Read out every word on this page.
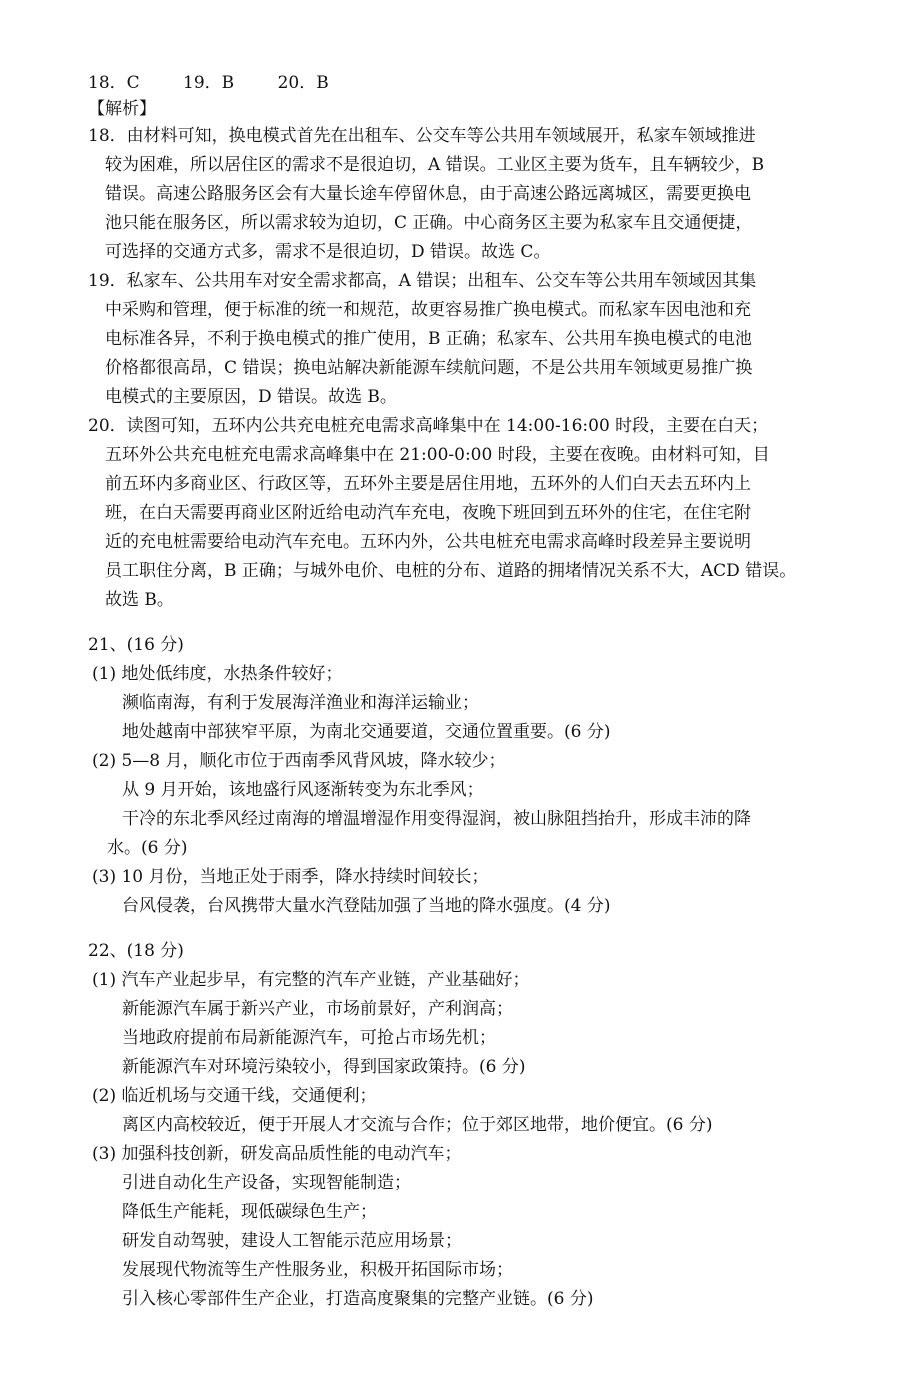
18．C	19．B	20．B
【解析】
18．由材料可知，换电模式首先在出租车、公交车等公共用车领域展开，私家车领域推进
较为困难，所以居住区的需求不是很迫切，A 错误。工业区主要为货车，且车辆较少，B
错误。高速公路服务区会有大量长途车停留休息，由于高速公路远离城区，需要更换电
池只能在服务区，所以需求较为迫切，C 正确。中心商务区主要为私家车且交通便捷，
可选择的交通方式多，需求不是很迫切，D 错误。故选 C。
19．私家车、公共用车对安全需求都高，A 错误；出租车、公交车等公共用车领域因其集
中采购和管理，便于标准的统一和规范，故更容易推广换电模式。而私家车因电池和充
电标准各异，不利于换电模式的推广使用，B 正确；私家车、公共用车换电模式的电池
价格都很高昂，C 错误；换电站解决新能源车续航问题，不是公共用车领域更易推广换
电模式的主要原因，D 错误。故选 B。
20．读图可知，五环内公共充电桩充电需求高峰集中在 14:00-16:00 时段，主要在白天；
五环外公共充电桩充电需求高峰集中在 21:00-0:00 时段，主要在夜晚。由材料可知，目
前五环内多商业区、行政区等，五环外主要是居住用地，五环外的人们白天去五环内上
班，在白天需要再商业区附近给电动汽车充电，夜晚下班回到五环外的住宅，在住宅附
近的充电桩需要给电动汽车充电。五环内外，公共电桩充电需求高峰时段差异主要说明
员工职住分离，B 正确；与城外电价、电桩的分布、道路的拥堵情况关系不大，ACD 错误。
故选 B。
21、(16 分)
(1) 地处低纬度，水热条件较好；
濒临南海，有利于发展海洋渔业和海洋运输业；
地处越南中部狭窄平原，为南北交通要道，交通位置重要。(6 分)
(2) 5—8 月，顺化市位于西南季风背风坡，降水较少；
从 9 月开始，该地盛行风逐渐转变为东北季风；
干冷的东北季风经过南海的增温增湿作用变得湿润，被山脉阻挡抬升，形成丰沛的降
水。(6 分)
(3) 10 月份，当地正处于雨季，降水持续时间较长；
台风侵袭，台风携带大量水汽登陆加强了当地的降水强度。(4 分)
22、(18 分)
(1) 汽车产业起步早，有完整的汽车产业链，产业基础好；
新能源汽车属于新兴产业，市场前景好，产利润高；
当地政府提前布局新能源汽车，可抢占市场先机；
新能源汽车对环境污染较小，得到国家政策持。(6 分)
(2) 临近机场与交通干线，交通便利；
离区内高校较近，便于开展人才交流与合作；位于郊区地带，地价便宜。(6 分)
(3) 加强科技创新，研发高品质性能的电动汽车；
引进自动化生产设备，实现智能制造；
降低生产能耗，现低碳绿色生产；
研发自动驾驶，建设人工智能示范应用场景；
发展现代物流等生产性服务业，积极开拓国际市场；
引入核心零部件生产企业，打造高度聚集的完整产业链。(6 分)
